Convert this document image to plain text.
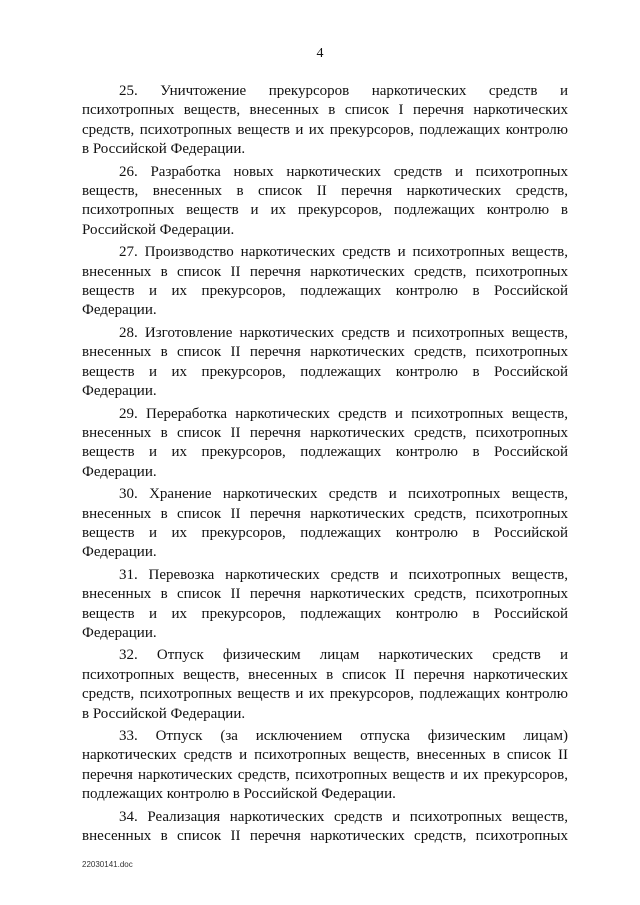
4
25. Уничтожение прекурсоров наркотических средств и
психотропных веществ, внесенных в список I перечня наркотических
средств, психотропных веществ и их прекурсоров, подлежащих контролю
в Российской Федерации.
26. Разработка новых наркотических средств и психотропных
веществ, внесенных в список II перечня наркотических средств,
психотропных веществ и их прекурсоров, подлежащих контролю в
Российской Федерации.
27. Производство наркотических средств и психотропных веществ,
внесенных в список II перечня наркотических средств, психотропных
веществ и их прекурсоров, подлежащих контролю в Российской
Федерации.
28. Изготовление наркотических средств и психотропных веществ,
внесенных в список II перечня наркотических средств, психотропных
веществ и их прекурсоров, подлежащих контролю в Российской
Федерации.
29. Переработка наркотических средств и психотропных веществ,
внесенных в список II перечня наркотических средств, психотропных
веществ и их прекурсоров, подлежащих контролю в Российской
Федерации.
30. Хранение наркотических средств и психотропных веществ,
внесенных в список II перечня наркотических средств, психотропных
веществ и их прекурсоров, подлежащих контролю в Российской
Федерации.
31. Перевозка наркотических средств и психотропных веществ,
внесенных в список II перечня наркотических средств, психотропных
веществ и их прекурсоров, подлежащих контролю в Российской
Федерации.
32. Отпуск физическим лицам наркотических средств и
психотропных веществ, внесенных в список II перечня наркотических
средств, психотропных веществ и их прекурсоров, подлежащих контролю
в Российской Федерации.
33. Отпуск (за исключением отпуска физическим лицам)
наркотических средств и психотропных веществ, внесенных в список II
перечня наркотических средств, психотропных веществ и их прекурсоров,
подлежащих контролю в Российской Федерации.
34. Реализация наркотических средств и психотропных веществ,
внесенных в список II перечня наркотических средств, психотропных
22030141.doc
